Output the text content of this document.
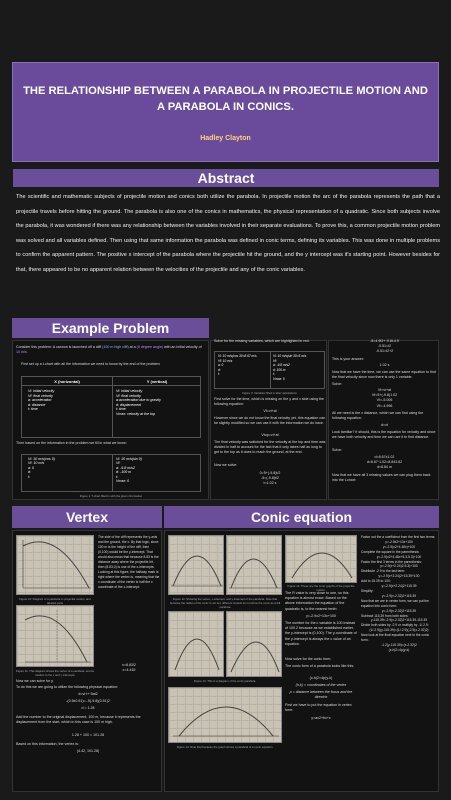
THE RELATIONSHIP BETWEEN A PARABOLA IN PROJECTILE MOTION AND A PARABOLA IN CONICS.
Hadley Clayton
Abstract
The scientific and mathematic subjects of projectile motion and conics both utilize the parabola. In projectile motion the arc of the parabola represents the path that a projectile travels before hitting the ground. The parabola is also one of the conics in mathematics, the physical representation of a quadratic. Since both subjects involve the parabola, it was wondered if there was any relationship between the variables involved in their separate evaluations. To prove this, a common projectile motion problem was solved and all variables defined. Then using that same information the parabola was defined in conic terms, defining its variables. This was done in multiple problems to confirm the apparent pattern. The positive x intercept of the parabola where the projectile hit the ground, and the y intercept was it's starting point. However besides for that, there appeared to be no apparent relation between the velocities of the projectile and any of the conic variables.
Example Problem
Consider this problem: A cannon is launched off a cliff (100 m high cliff) at a (0 degree angle) with an initial velocity of 10 m/s.
First set up a t-chart with all the information we need to know by the end of the problem:
X (horizontal)	Y (vertical)
Vi: initial velocity
Vf: final velocity
a: acceleration
d: distance
t: time
Vi: initial velocity
Vf: final velocity
a:acceleration due to gravity
d: displacement
t: time
Vmax: velocity at the top
Then based on the information in the problem we fill in what we know:
Vi: 10 m/s(cos 0)
Vf: 10 m/s
a: 0
d:
t:
Vi: 10 m/s(sin 0)
Vf:
a: -9.8 m/s2
d: -100 m
t:
Vmax: 0
Figure 1: T-chart filled in with the given information
Solve for the missing variables, which are highlighted in red:
Vi: 10 m/s(cos 30=8.67 m/s
Vf: 10 m/s
a: 0
d:
t:
Vi: 10 m/s(sin 30=5 m/s
Vf:
a: -9.8 m/s2
d: 100 m
t:
Vmax: 0
Figure 3: Variables filled in after calculations
First solve for the time, which is missing on the y and x side using the following equation:
Vf=vi+at
However since we do not know the final velocity yet, this equation can be slightly modified so we can use it with the information we do have.
Vtop=vi+at
The final velocity was switched for the velocity at the top and time was divided in half to account for the fact that it only takes half as long to get to the top as it does to reach the ground, at the end.
Now we solve:
0=5+(-9.8)t/2
-5=(-9.8)t/2
t=1.02 s
-5=4.9t2+-9.8t-4.9
-0.51=t2
-0.51=t2+2
This is your answer:
1.02 s
Now that we have the time, we can use the same equation to find the final velocity since now there is only 1 variable.
Solve:
Vf=vi+at
Vf=5+(-9.8)1.02
Vf=-5.006
Vf=-4.996
All we need is the x distance, which we can find using the following equation:
d=vt
Look familiar? It should, this is the equation for velocity and since we have both velocity and time we can use it to find distance.
Solve:
d=8.67x1.02
d=8.67·1.02=8.843.82
d=8.84 m
Now that we have all 3 missing values we can plug them back into the t-chart:
Vertex
Figure 10: Diagram of a parabola in projectile motion, and labeled parts
The side of the cliff represents the y-axis and the ground, the x. By that logic, since 100 m is the height of the cliff, then (0,100) would be the y-intercept. That would also mean that because 8.83 is the distance away where the projectile hit, then (8.83,0) is one of the x-intercepts. Looking at this figure, the halfway mark is right where the vertex is, meaning that the x coordinate of the vertex is half the x coordinate of the x-intercept:
x=8.83/2
x=4.415
Figure 11: This diagram shows the vertex of a parabola, and its relation to the x and y intercepts
Now we can solve for y.
To do this we are going to utilize the following physical equation:
d=vi·t+·5at2
-(0.5x0.51)=-.5(-9.8)(0.51)2
d = 1.28
Add the number to the original displacement, 100 m, because it represents the displacement from the start, which in this case is 100 m high.
1.28 + 100 = 101.28
Based on this information, the vertex is:
(4.42, 101.28)
Conic equation
Figure 12: Showing the vertex, x-intercept, and y-intercept of the parabola. Note that because the radius of the conic is not set, different models do not show the conic as a full parabola
Figure 13: This is a diagram of the conic parabola.
Figure 14: Note that because the graph shows a parabola of a conic equation.
Figure 13: These are the conic graphs of the projectile motion.
The R value is very close to one, so this equation is almost exact. Based on the above information the equation of the quadratic is, to the nearest tenth:
y=-2.9x2+13x+100
The number for the c variable is 100 instead of 100.2 because as we established earlier, the y-intercept is (0,100). The y-coordinate of the y-intercept is always the c value of an equation.
Now solve for the conic form.
The conic form of a parabola looks like this:
(x-h)2=4p(y-k)
(h,k) = coordinates of the vertex
p = distance between the focus and the directrix
First we have to put the equation in vertex form:
y=ax2+bx+c
Factor out the a coefficient from the first two terms:
y=-2.9x2+13x+100
y=-2.9(x2+4.48x)+100
Complete the square in the parenthesis:
y=-2.9(x2+4.48x+5.3-5.3)+100
Factor the first 3 terms in the parenthesis:
y=-2.9(x+2.24)2-5.3)+100
Distribute -2.9 to the last term:
y=-2.9(x+2.24)2+15.39+100
Add to 15.39 to 100:
y=-2.9(x+2.24)2+115.39
Simplify:
y=-2.9(x-2.32)2+115.39
Now that we are in vertex form, we can put the equation into conic form:
y=-2.9(x-2.32)2+115.39
Subtract 115.39 from both sides:
y-115.39=-2.9(x-2.32)2+115.39-115.39
Divide both sides by -2.9 or multiply by -1/-2.9:
(1/-2.9)(y-115.39)=(1/-2.9)(-2.9(x-2.32)2)
Now look at the final equation next to the conic form:
-1.2(y-115.39)=(x-2.32)2
(x-h)2=4p(y-k)
